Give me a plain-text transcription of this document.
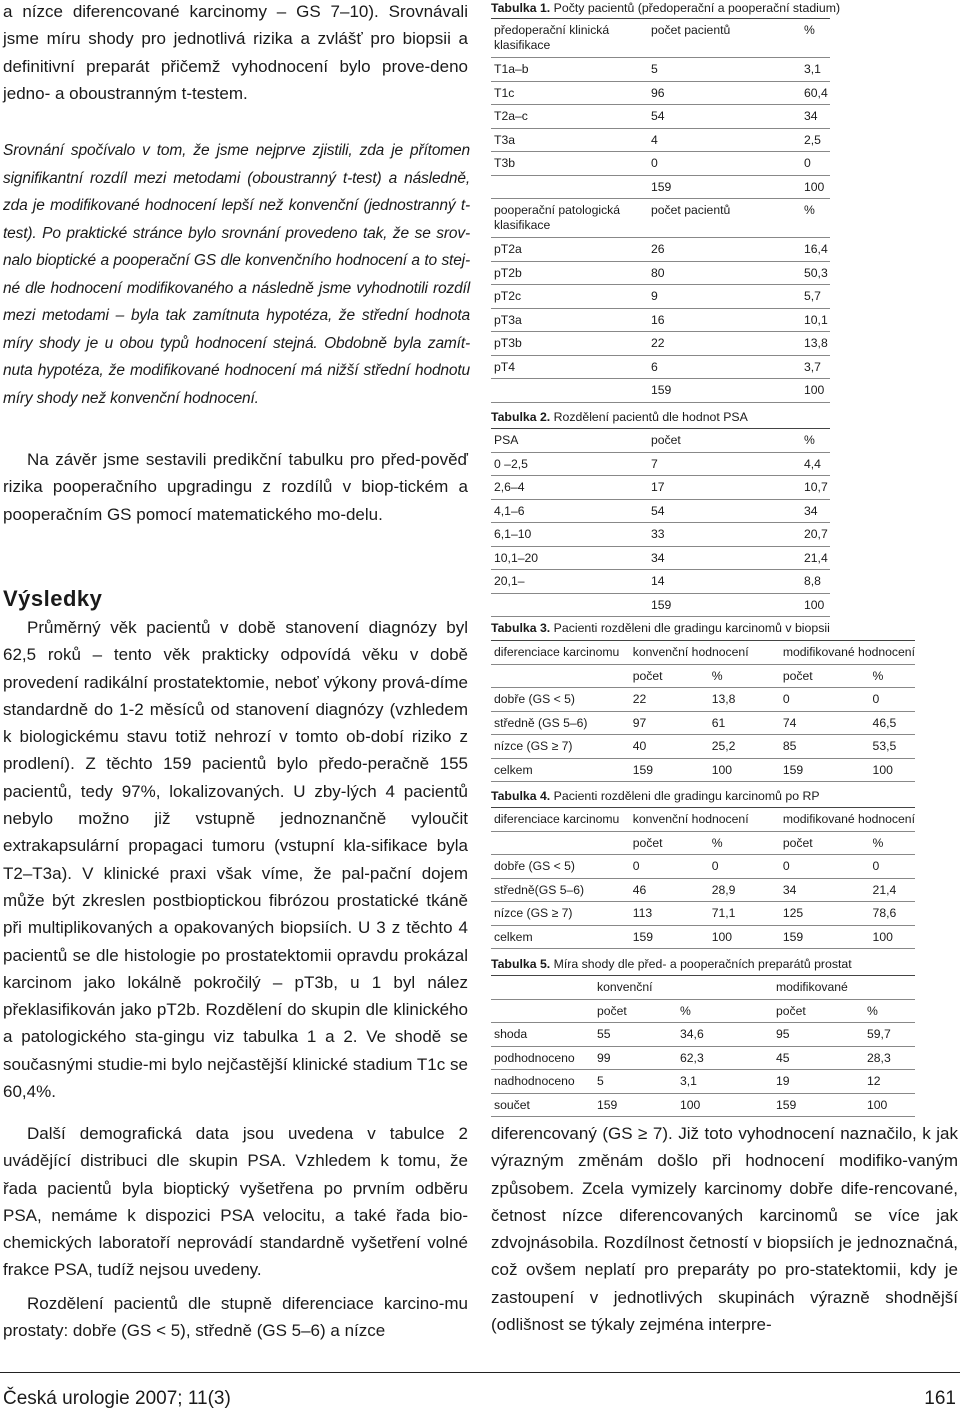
a nízce diferencované karcinomy – GS 7–10). Srovnávali jsme míru shody pro jednotlivá rizika a zvlášť pro biopsii a definitivní preparát přičemž vyhodnocení bylo prove-deno jedno- a oboustranným t-testem.

Srovnání spočívalo v tom, že jsme nejprve zjistili, zda je přítomen signifikantní rozdíl mezi metodami (oboustranný t-test) a následně, zda je modifikované hodnocení lepší než konvenční (jednostranný t-test). Po praktické stránce bylo srovnání provedeno tak, že se srov-nalo bioptické a pooperační GS dle konvenčního hodnocení a to stej-né dle hodnocení modifikovaného a následně jsme vyhodnotili rozdíl mezi metodami – byla tak zamítnuta hypotéza, že střední hodnota míry shody je u obou typů hodnocení stejná. Obdobně byla zamít-nuta hypotéza, že modifikované hodnocení má nižší střední hodnotu míry shody než konvenční hodnocení.

Na závěr jsme sestavili predikční tabulku pro před-pověď rizika pooperačního upgradingu z rozdílů v biop-tickém a pooperačním GS pomocí matematického mo-delu.

Výsledky

Průměrný věk pacientů v době stanovení diagnózy byl 62,5 roků – tento věk prakticky odpovídá věku v době provedení radikální prostatektomie, neboť výkony prová-díme standardně do 1-2 měsíců od stanovení diagnózy (vzhledem k biologickému stavu totiž nehrozí v tomto ob-dobí riziko z prodlení). Z těchto 159 pacientů bylo předo-peračně 155 pacientů, tedy 97%, lokalizovaných. U zby-lých 4 pacientů nebylo možno již vstupně jednoznančně vyloučit extrakapsulární propagaci tumoru (vstupní kla-sifikace byla T2–T3a). V klinické praxi však víme, že pal-pační dojem může být zkreslen postbioptickou fibrózou prostatické tkáně při multiplikovaných a opakovaných biopsiích. U 3 z těchto 4 pacientů se dle histologie po prostatektomii opravdu prokázal karcinom jako lokálně pokročilý – pT3b, u 1 byl nález překlasifikován jako pT2b. Rozdělení do skupin dle klinického a patologického sta-gingu viz tabulka 1 a 2. Ve shodě se současnými studie-mi bylo nejčastější klinické stadium T1c se 60,4%.

Další demografická data jsou uvedena v tabulce 2 uvádějící distribuci dle skupin PSA. Vzhledem k tomu, že řada pacientů byla bioptický vyšetřena po prvním odběru PSA, nemáme k dispozici PSA velocitu, a také řada bio-chemických laboratoří neprovádí standardně vyšetření volné frakce PSA, tudíž nejsou uvedeny.

Rozdělení pacientů dle stupně diferenciace karcino-mu prostaty: dobře (GS < 5), středně (GS 5–6) a nízce

Tabulka 1. Počty pacientů (předoperační a pooperační stadium)

předoperační klinická klasifikace	počet pacientů	%
T1a–b	5	3,1
T1c	96	60,4
T2a–c	54	34
T3a	4	2,5
T3b	0	0
	159	100
pooperační patologická klasifikace	počet pacientů	%
pT2a	26	16,4
pT2b	80	50,3
pT2c	9	5,7
pT3a	16	10,1
pT3b	22	13,8
pT4	6	3,7
	159	100

Tabulka 2. Rozdělení pacientů dle hodnot PSA

PSA	počet	%
0 –2,5	7	4,4
2,6–4	17	10,7
4,1–6	54	34
6,1–10	33	20,7
10,1–20	34	21,4
20,1–	14	8,8
	159	100

Tabulka 3. Pacienti rozděleni dle gradingu karcinomů v biopsii

diferenciace karcinomu	konvenční hodnocení		modifikované hodnocení	
	počet	%	počet	%
dobře (GS < 5)	22	13,8	0	0
středně (GS 5–6)	97	61	74	46,5
nízce (GS ≥ 7)	40	25,2	85	53,5
celkem	159	100	159	100

Tabulka 4. Pacienti rozděleni dle gradingu karcinomů po RP

diferenciace karcinomu	konvenční hodnocení		modifikované hodnocení	
	počet	%	počet	%
dobře (GS < 5)	0	0	0	0
středně(GS 5–6)	46	28,9	34	21,4
nízce (GS ≥ 7)	113	71,1	125	78,6
celkem	159	100	159	100

Tabulka 5. Míra shody dle před- a pooperačních preparátů prostat

	konvenční		modifikované	
	počet	%	počet	%
shoda	55	34,6	95	59,7
podhodnoceno	99	62,3	45	28,3
nadhodnoceno	5	3,1	19	12
součet	159	100	159	100

diferencovaný (GS ≥ 7). Již toto vyhodnocení naznačilo, k jak výrazným změnám došlo při hodnocení modifiko-vaným způsobem. Zcela vymizely karcinomy dobře dife-rencované, četnost nízce diferencovaných karcinomů se více jak zdvojnásobila. Rozdílnost četností v biopsiích je jednoznačná, což ovšem neplatí pro preparáty po pro-statektomii, kdy je zastoupení v jednotlivých skupinách výrazně shodnější (odlišnost se týkaly zejména interpre-

Česká urologie 2007; 11(3)	161
